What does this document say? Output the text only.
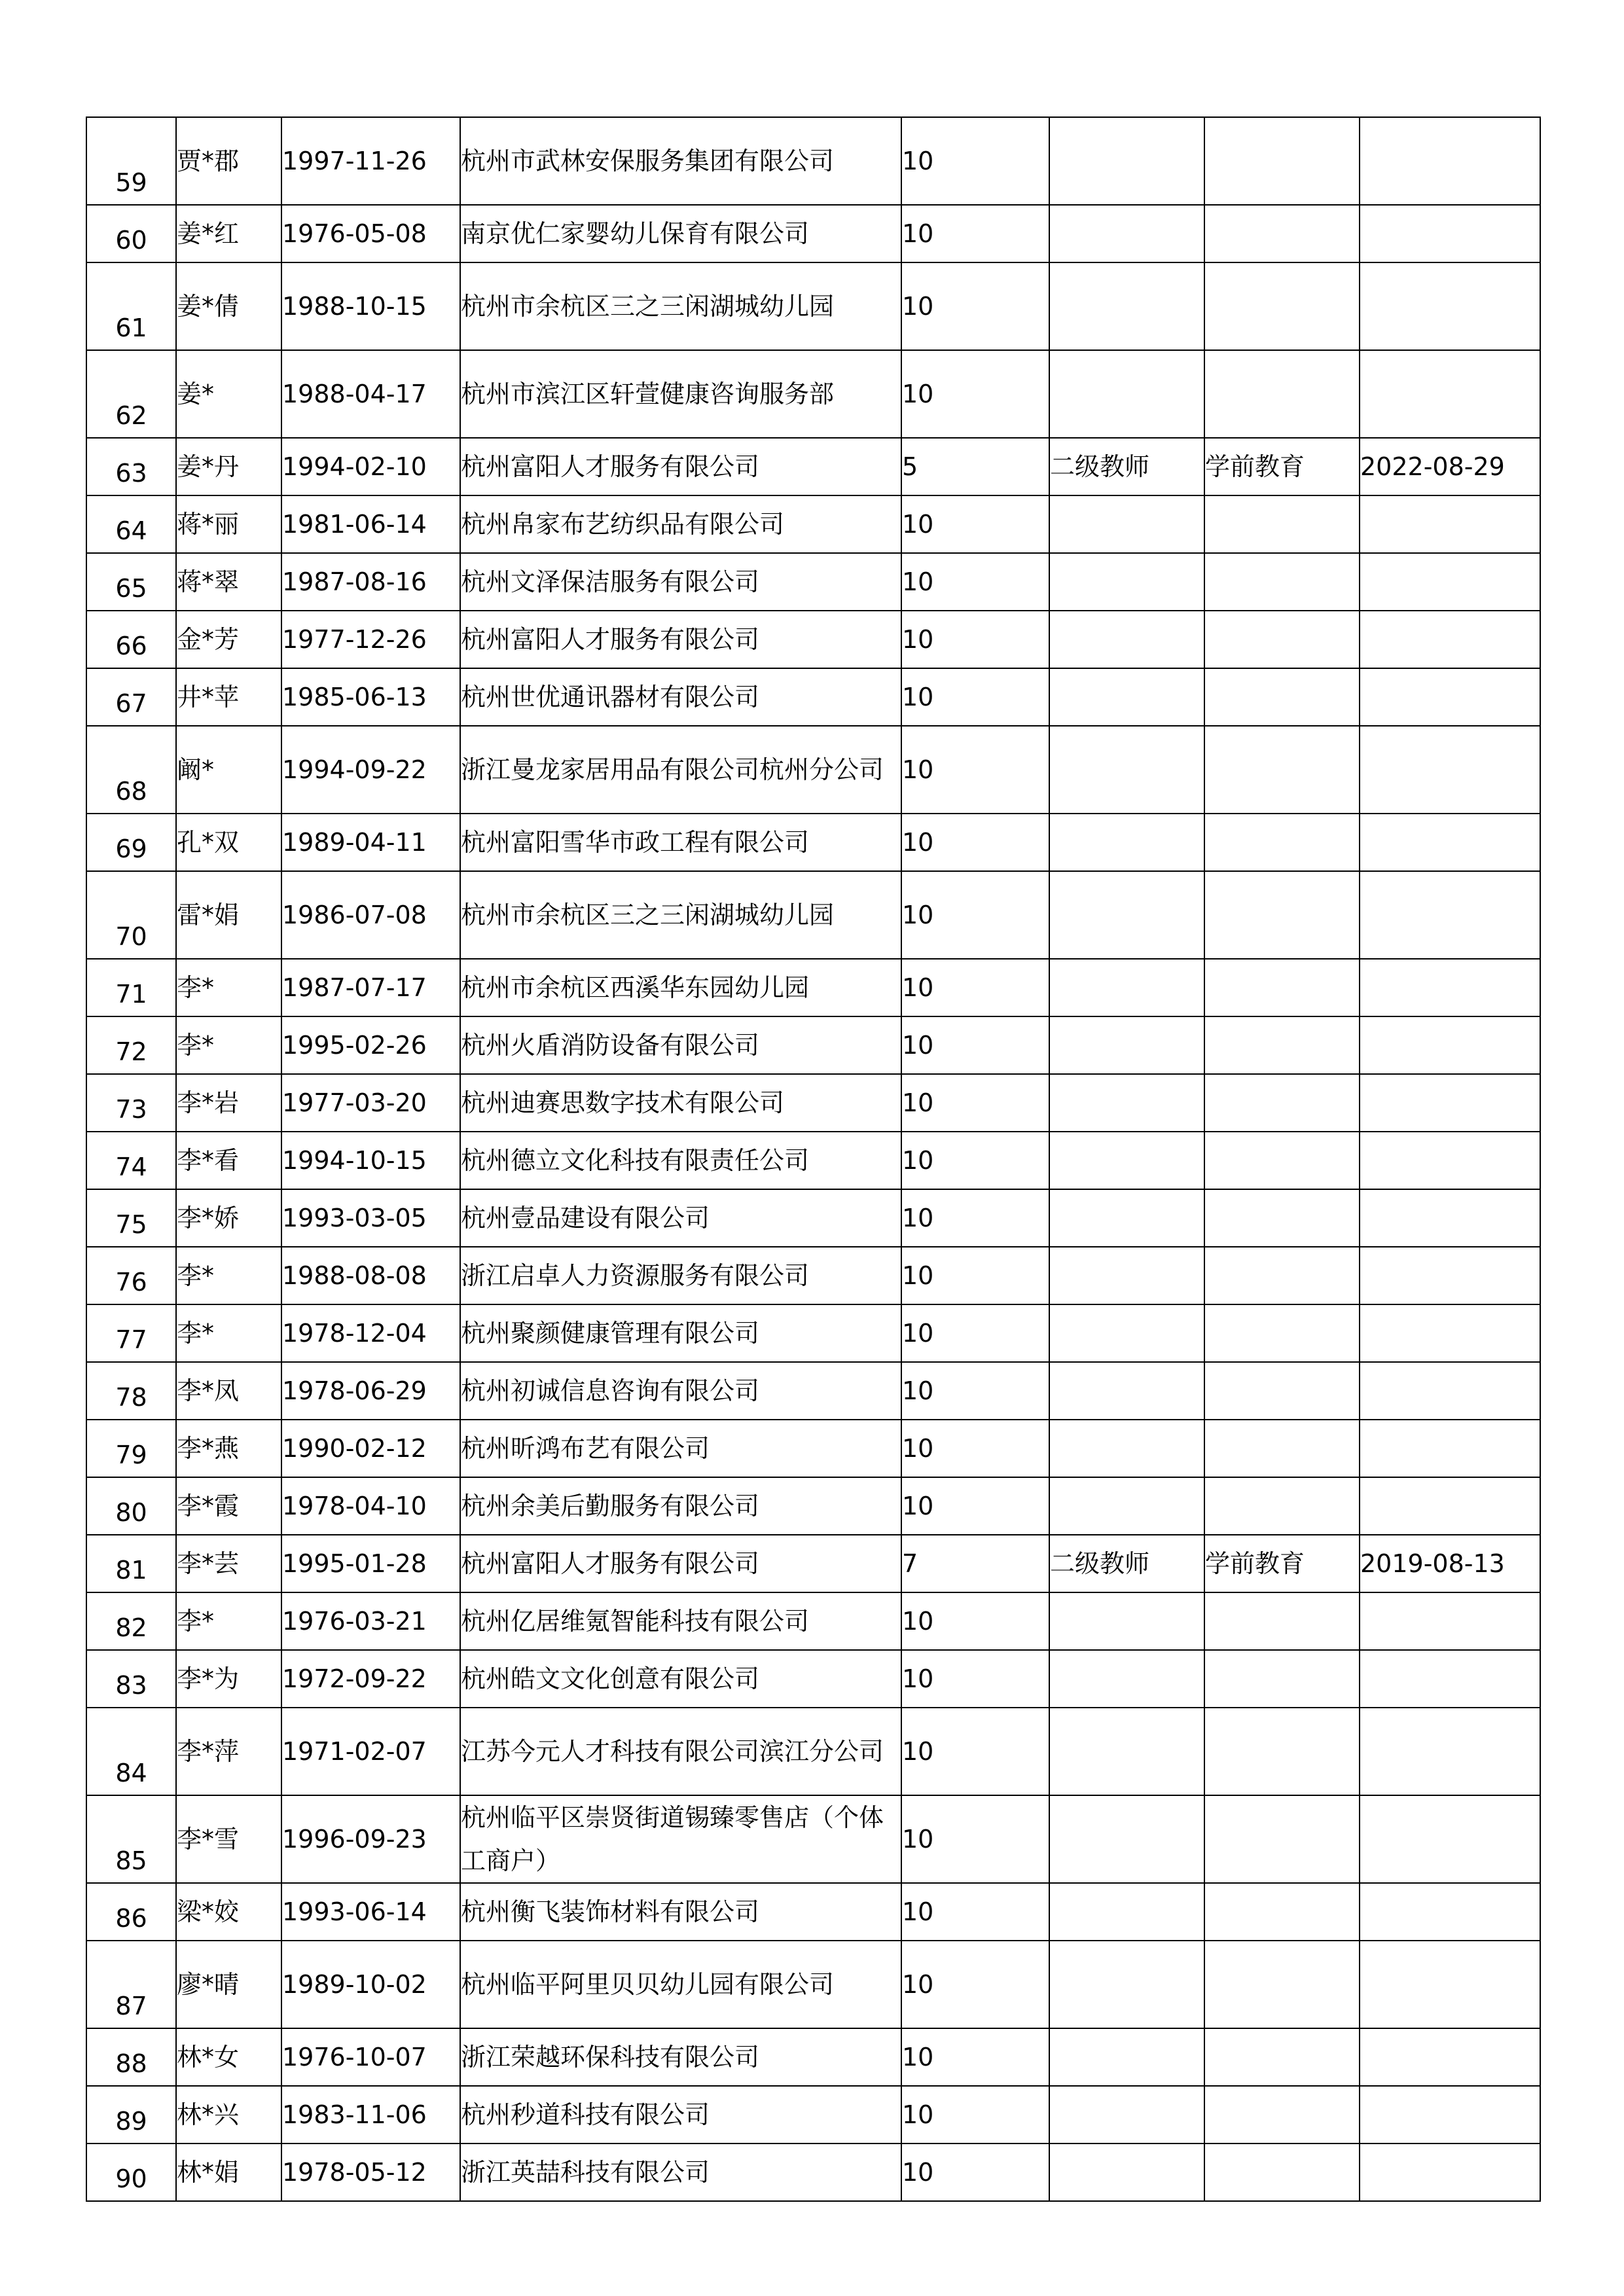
59	贾*郡	1997-11-26	杭州市武林安保服务集团有限公司	10			

60	姜*红	1976-05-08	南京优仁家婴幼儿保育有限公司	10			

61	姜*倩	1988-10-15	杭州市余杭区三之三闲湖城幼儿园	10			

62	姜*	1988-04-17	杭州市滨江区轩萱健康咨询服务部	10			

63	姜*丹	1994-02-10	杭州富阳人才服务有限公司	5	二级教师	学前教育	2022-08-29

64	蒋*丽	1981-06-14	杭州帛家布艺纺织品有限公司	10			

65	蒋*翠	1987-08-16	杭州文泽保洁服务有限公司	10			

66	金*芳	1977-12-26	杭州富阳人才服务有限公司	10			

67	井*苹	1985-06-13	杭州世优通讯器材有限公司	10			

68	阚*	1994-09-22	浙江曼龙家居用品有限公司杭州分公司	10			

69	孔*双	1989-04-11	杭州富阳雪华市政工程有限公司	10			

70	雷*娟	1986-07-08	杭州市余杭区三之三闲湖城幼儿园	10			

71	李*	1987-07-17	杭州市余杭区西溪华东园幼儿园	10			

72	李*	1995-02-26	杭州火盾消防设备有限公司	10			

73	李*岩	1977-03-20	杭州迪赛思数字技术有限公司	10			

74	李*看	1994-10-15	杭州德立文化科技有限责任公司	10			

75	李*娇	1993-03-05	杭州壹品建设有限公司	10			

76	李*	1988-08-08	浙江启卓人力资源服务有限公司	10			

77	李*	1978-12-04	杭州聚颜健康管理有限公司	10			

78	李*凤	1978-06-29	杭州初诚信息咨询有限公司	10			

79	李*燕	1990-02-12	杭州昕鸿布艺有限公司	10			

80	李*霞	1978-04-10	杭州余美后勤服务有限公司	10			

81	李*芸	1995-01-28	杭州富阳人才服务有限公司	7	二级教师	学前教育	2019-08-13

82	李*	1976-03-21	杭州亿居维氪智能科技有限公司	10			

83	李*为	1972-09-22	杭州皓文文化创意有限公司	10			

84	李*萍	1971-02-07	江苏今元人才科技有限公司滨江分公司	10			

85	李*雪	1996-09-23	杭州临平区崇贤街道锡臻零售店（个体工商户）	10			

86	梁*姣	1993-06-14	杭州衡飞装饰材料有限公司	10			

87	廖*晴	1989-10-02	杭州临平阿里贝贝幼儿园有限公司	10			

88	林*女	1976-10-07	浙江荣越环保科技有限公司	10			

89	林*兴	1983-11-06	杭州秒道科技有限公司	10			

90	林*娟	1978-05-12	浙江英喆科技有限公司	10			
